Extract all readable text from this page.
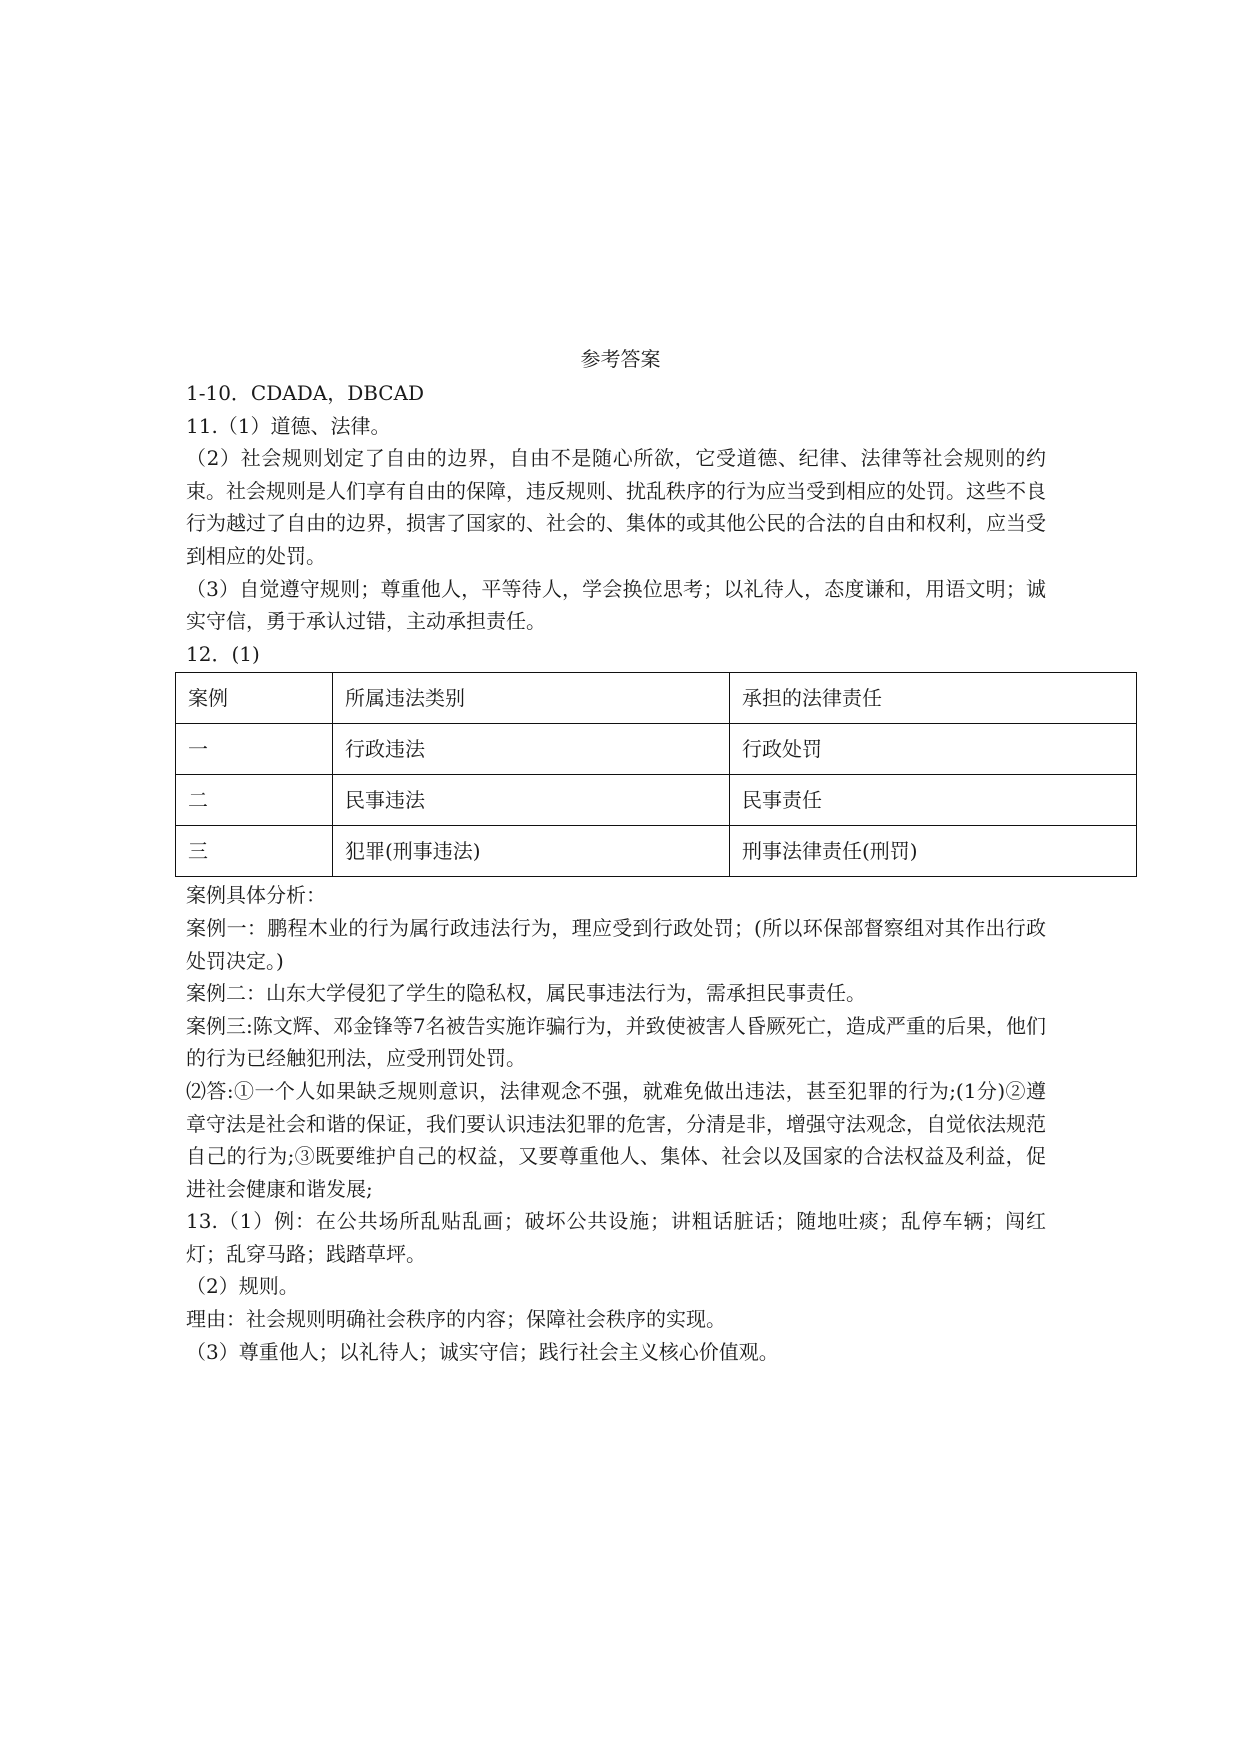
参考答案

1-10．CDADA，DBCAD

11.（1）道德、法律。

（2）社会规则划定了自由的边界，自由不是随心所欲，它受道德、纪律、法律等社会规则的约束。社会规则是人们享有自由的保障，违反规则、扰乱秩序的行为应当受到相应的处罚。这些不良行为越过了自由的边界，损害了国家的、社会的、集体的或其他公民的合法的自由和权利，应当受到相应的处罚。

（3）自觉遵守规则；尊重他人，平等待人，学会换位思考；以礼待人，态度谦和，用语文明；诚实守信，勇于承认过错，主动承担责任。

12．(1)

案例	所属违法类别	承担的法律责任
一	行政违法	行政处罚
二	民事违法	民事责任
三	犯罪(刑事违法)	刑事法律责任(刑罚)

案例具体分析：

案例一：鹏程木业的行为属行政违法行为，理应受到行政处罚；(所以环保部督察组对其作出行政处罚决定。)

案例二：山东大学侵犯了学生的隐私权，属民事违法行为，需承担民事责任。

案例三:陈文辉、邓金锋等7名被告实施诈骗行为，并致使被害人昏厥死亡，造成严重的后果，他们的行为已经触犯刑法，应受刑罚处罚。

⑵答:①一个人如果缺乏规则意识，法律观念不强，就难免做出违法，甚至犯罪的行为;(1分)②遵章守法是社会和谐的保证，我们要认识违法犯罪的危害，分清是非，增强守法观念，自觉依法规范自己的行为;③既要维护自己的权益，又要尊重他人、集体、社会以及国家的合法权益及利益，促进社会健康和谐发展;

13.（1）例：在公共场所乱贴乱画；破坏公共设施；讲粗话脏话；随地吐痰；乱停车辆；闯红灯；乱穿马路；践踏草坪。

（2）规则。

理由：社会规则明确社会秩序的内容；保障社会秩序的实现。

（3）尊重他人；以礼待人；诚实守信；践行社会主义核心价值观。
